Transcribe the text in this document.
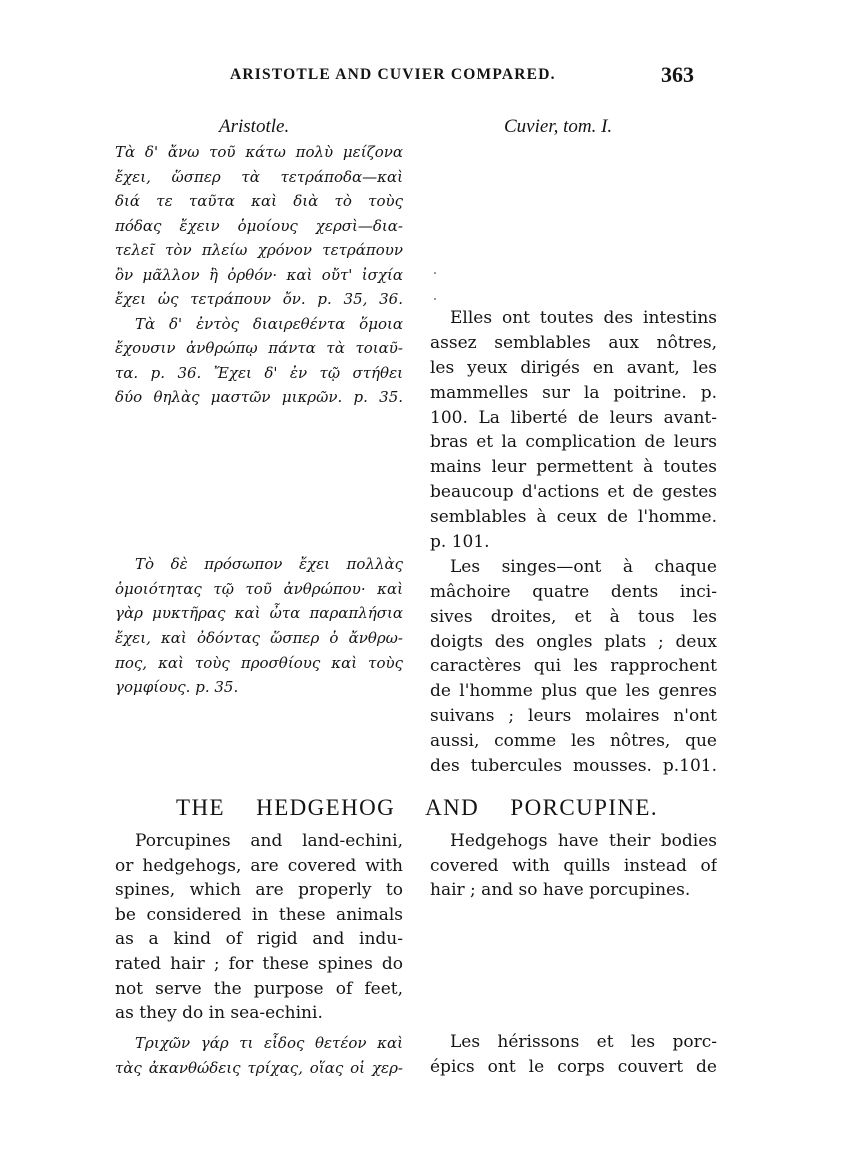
ARISTOTLE AND CUVIER COMPARED.	363
Aristotle.	Cuvier, tom. I.
Τὰ δ' ἄνω τοῦ κάτω πολὺ μείζονα
ἔχει, ὥσπερ τὰ τετράποδα—καὶ
διά τε ταῦτα καὶ διὰ τὸ τοὺς
πόδας ἔχειν ὁμοίους χερσὶ—δια-
τελεῖ τὸν πλείω χρόνον τετράπουν
ὂν μᾶλλον ἢ ὀρθόν· καὶ οὔτ' ἰσχία
ἔχει ὡς τετράπουν ὄν. p. 35, 36.
Τὰ δ' ἐντὸς διαιρεθέντα ὅμοια
ἔχουσιν ἀνθρώπῳ πάντα τὰ τοιαῦ-
τα. p. 36. Ἔχει δ' ἐν τῷ στήθει
δύο θηλὰς μαστῶν μικρῶν. p. 35.
Elles ont toutes des intestins
assez semblables aux nôtres,
les yeux dirigés en avant, les
mammelles sur la poitrine. p.
100. La liberté de leurs avant-
bras et la complication de leurs
mains leur permettent à toutes
beaucoup d'actions et de gestes
semblables à ceux de l'homme.
p. 101.
Les singes—ont à chaque
mâchoire quatre dents inci-
sives droites, et à tous les
doigts des ongles plats ; deux
caractères qui les rapprochent
de l'homme plus que les genres
suivans ; leurs molaires n'ont
aussi, comme les nôtres, que
des tubercules mousses. p.101.
Τὸ δὲ πρόσωπον ἔχει πολλὰς
ὁμοιότητας τῷ τοῦ ἀνθρώπου· καὶ
γὰρ μυκτῆρας καὶ ὦτα παραπλήσια
ἔχει, καὶ ὀδόντας ὥσπερ ὁ ἄνθρω-
πος, καὶ τοὺς προσθίους καὶ τοὺς
γομφίους. p. 35.
THE HEDGEHOG AND PORCUPINE.
Porcupines and land-echini,
or hedgehogs, are covered with
spines, which are properly to
be considered in these animals
as a kind of rigid and indu-
rated hair ; for these spines do
not serve the purpose of feet,
as they do in sea-echini.
Hedgehogs have their bodies
covered with quills instead of
hair ; and so have porcupines.
Τριχῶν γάρ τι εἶδος θετέον καὶ
τὰς ἀκανθώδεις τρίχας, οἵας οἱ χερ-
Les hérissons et les porc-
épics ont le corps couvert de
